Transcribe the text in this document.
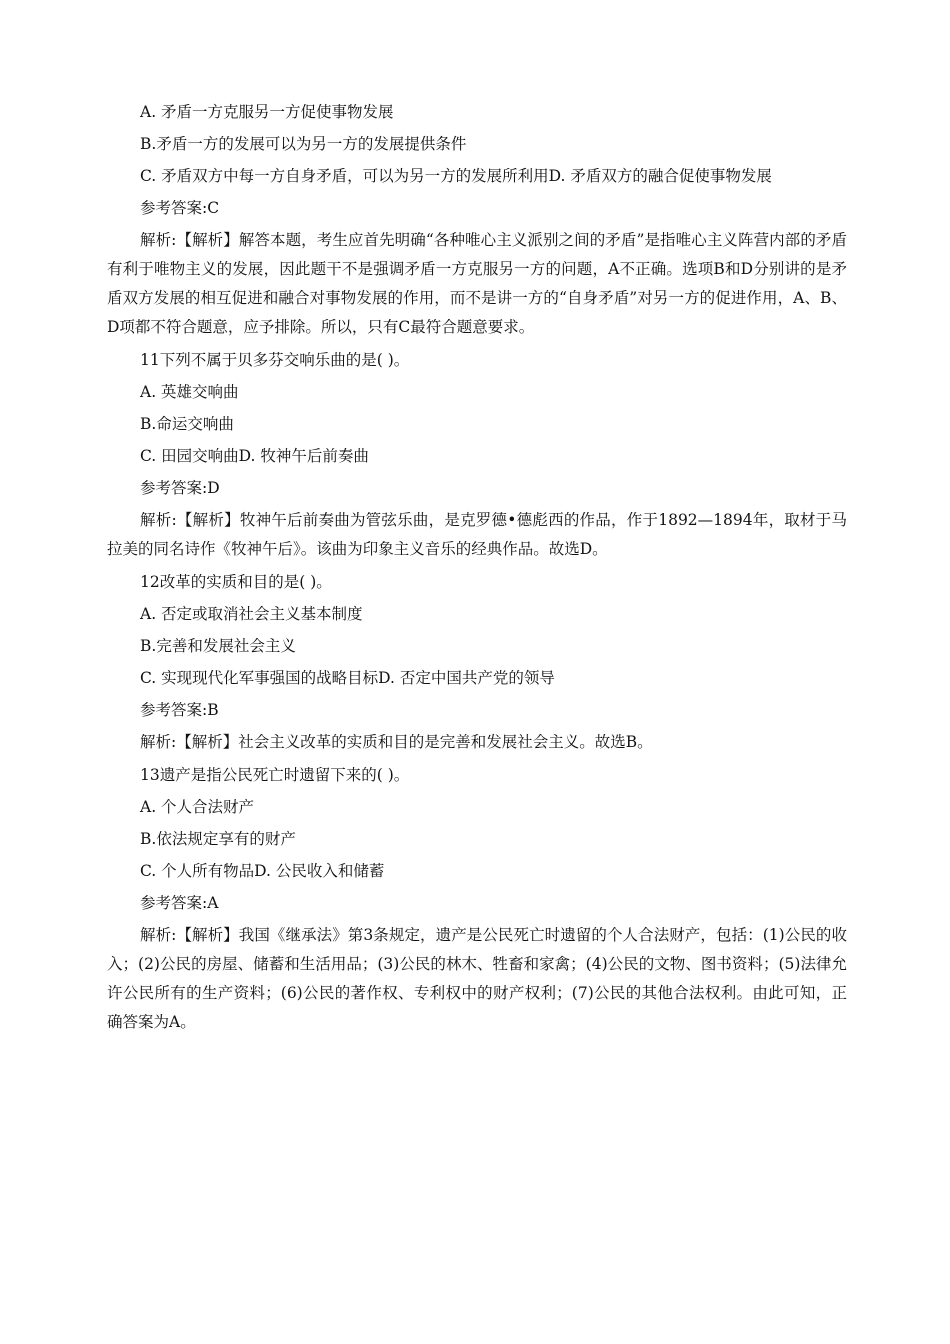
A. 矛盾一方克服另一方促使事物发展

B.矛盾一方的发展可以为另一方的发展提供条件

C. 矛盾双方中每一方自身矛盾，可以为另一方的发展所利用D. 矛盾双方的融合促使事物发展

参考答案:C

解析:【解析】解答本题，考生应首先明确“各种唯心主义派别之间的矛盾”是指唯心主义阵营内部的矛盾有利于唯物主义的发展，因此题干不是强调矛盾一方克服另一方的问题，A不正确。选项B和D分别讲的是矛盾双方发展的相互促进和融合对事物发展的作用，而不是讲一方的“自身矛盾”对另一方的促进作用，A、B、D项都不符合题意，应予排除。所以，只有C最符合题意要求。

11下列不属于贝多芬交响乐曲的是( )。

A. 英雄交响曲

B.命运交响曲

C. 田园交响曲D. 牧神午后前奏曲

参考答案:D

解析:【解析】牧神午后前奏曲为管弦乐曲，是克罗德•德彪西的作品，作于1892—1894年，取材于马拉美的同名诗作《牧神午后》。该曲为印象主义音乐的经典作品。故选D。

12改革的实质和目的是( )。

A. 否定或取消社会主义基本制度

B.完善和发展社会主义

C. 实现现代化军事强国的战略目标D. 否定中国共产党的领导

参考答案:B

解析:【解析】社会主义改革的实质和目的是完善和发展社会主义。故选B。

13遗产是指公民死亡时遗留下来的( )。

A. 个人合法财产

B.依法规定享有的财产

C. 个人所有物品D. 公民收入和储蓄

参考答案:A

解析:【解析】我国《继承法》第3条规定，遗产是公民死亡时遗留的个人合法财产，包括：(1)公民的收入；(2)公民的房屋、储蓄和生活用品；(3)公民的林木、牲畜和家禽；(4)公民的文物、图书资料；(5)法律允许公民所有的生产资料；(6)公民的著作权、专利权中的财产权利；(7)公民的其他合法权利。由此可知，正确答案为A。
